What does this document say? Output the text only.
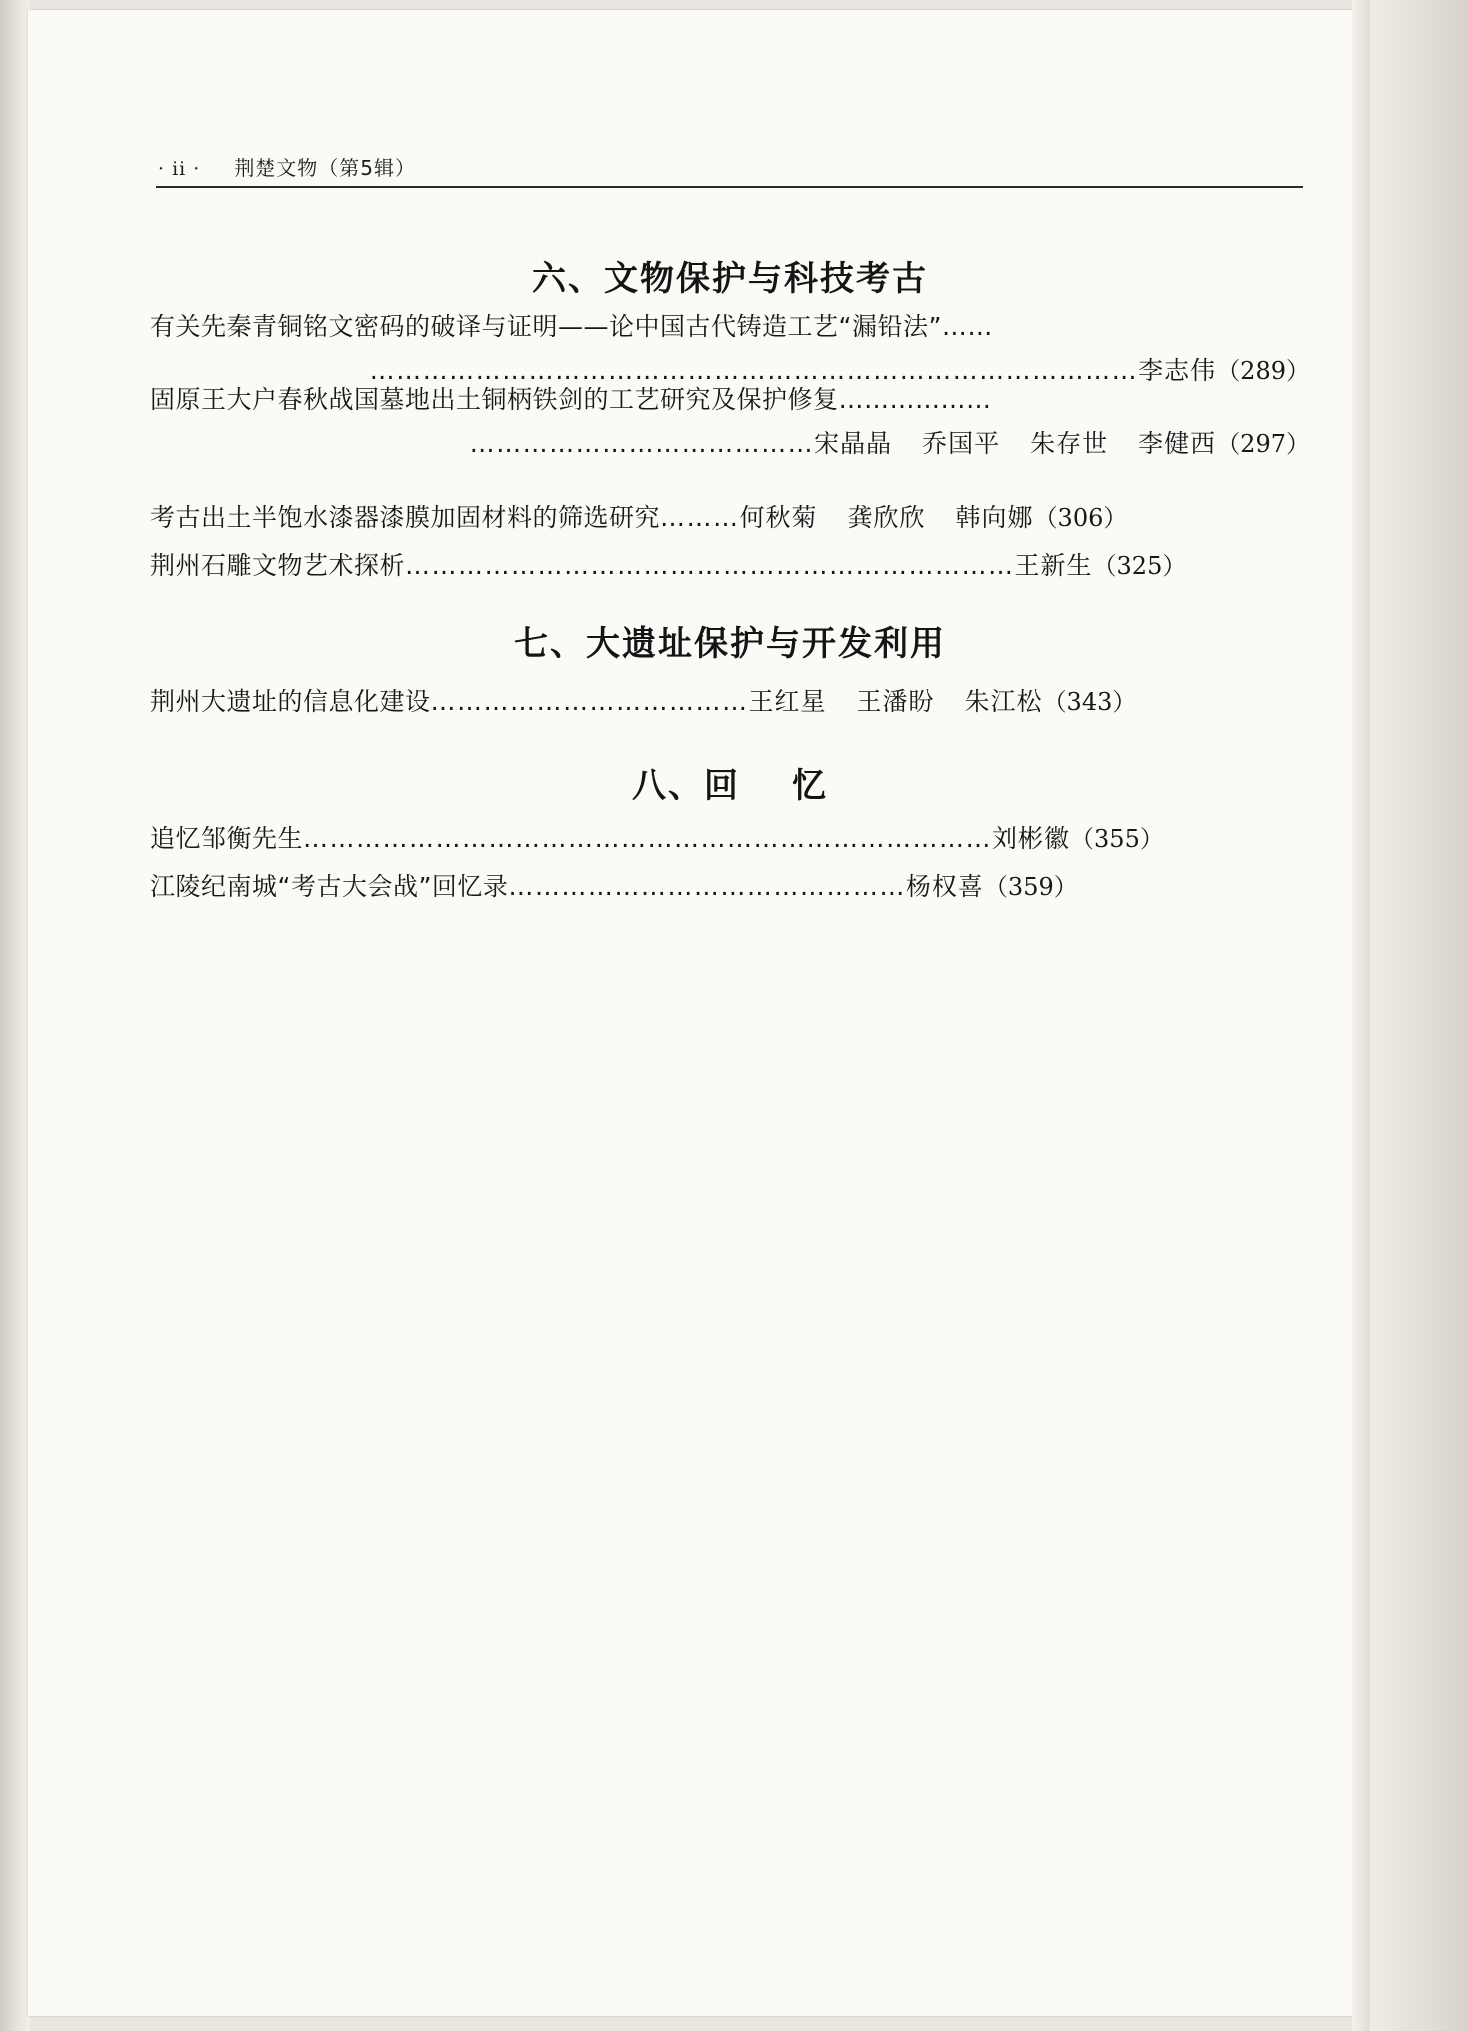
· ii · 荆楚文物（第5辑）
六、文物保护与科技考古
有关先秦青铜铭文密码的破译与证明——论中国古代铸造工艺“漏铅法”……
……………………………………………………………………………李志伟（289）
固原王大户春秋战国墓地出土铜柄铁剑的工艺研究及保护修复………………
…………………………………宋晶晶 乔国平 朱存世 李健西（297）
考古出土半饱水漆器漆膜加固材料的筛选研究………何秋菊 龚欣欣 韩向娜（306）
荆州石雕文物艺术探析……………………………………………………………王新生（325）
七、大遗址保护与开发利用
荆州大遗址的信息化建设………………………………王红星 王潘盼 朱江松（343）
八、回 忆
追忆邹衡先生……………………………………………………………………刘彬徽（355）
江陵纪南城“考古大会战”回忆录………………………………………杨权喜（359）
